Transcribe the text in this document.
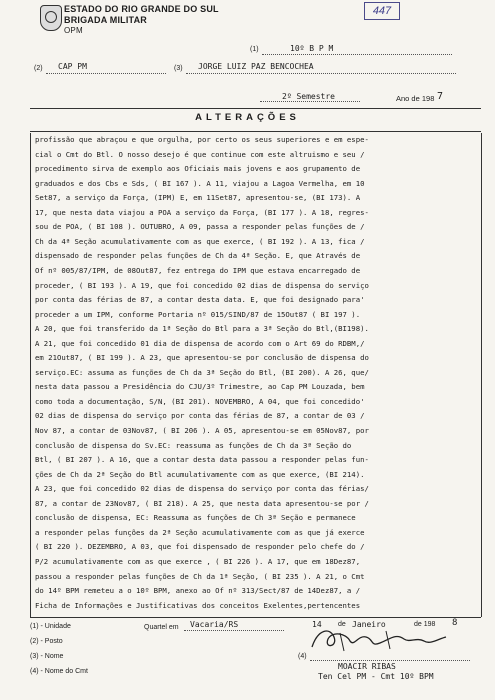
ESTADO DO RIO GRANDE DO SUL
BRIGADA MILITAR
OPM
447
(1)	10º B P M
(2) CAP PM	(3) JORGE LUIZ PAZ BENCOCHEA
2º Semestre	Ano de 198 7
ALTERAÇÕES
profissão que abraçou e que orgulha, por certo os seus superiores e em espe-
cial o Cmt do Btl. O nosso desejo é que continue com este altruismo e seu /
procedimento sirva de exemplo aos Oficiais mais jovens e aos grupamento de
graduados e dos Cbs e Sds, ( BI 167 ). A 11, viajou a Lagoa Vermelha, em 10
Set87, a serviço da Força, (IPM) E, em 11Set87, apresentou-se, (BI 173). A
17, que nesta data viajou a POA a serviço da Força, (BI 177 ). A 18, regres-
sou de POA, ( BI 108 ). OUTUBRO, A 09, passa a responder pelas funções de /
Ch da 4ª Seção acumulativamente com as que exerce, ( BI 192 ). A 13, fica /
dispensado de responder pelas funções de Ch da 4ª Seção. E, que Através de
Of nº 005/87/IPM, de 08Out87, fez entrega do IPM que estava encarregado de
proceder, ( BI 193 ). A 19, que foi concedido 02 dias de dispensa do serviço
por conta das férias de 87, a contar desta data. E, que foi designado para'
proceder a um IPM, conforme Portaria nº 015/SIND/87 de 15Out87 ( BI 197 ).
A 20, que foi transferido da 1ª Seção do Btl para a 3ª Seção do Btl,(BI198).
A 21, que foi concedido 01 dia de dispensa de acordo com o Art 69 do RDBM,/
em 21Out87, ( BI 199 ). A 23, que apresentou-se por conclusão de dispensa do
serviço.EC: assuma as funções de Ch da 3ª Seção do Btl, (BI 200). A 26, que/
nesta data passou a Presidência do CJU/3º Trimestre, ao Cap PM Louzada, bem
como toda a documentação, S/N, (BI 201). NOVEMBRO, A 04, que foi concedido'
02 dias de dispensa do serviço por conta das férias de 87, a contar de 03 /
Nov 87, a contar de 03Nov87, ( BI 206 ). A 05, apresentou-se em 05Nov87, por
conclusão de dispensa do Sv.EC: reassuma as funções de Ch da 3ª Seção do
Btl, ( BI 207 ). A 16, que a contar desta data passou a responder pelas fun-
ções de Ch da 2ª Seção do Btl acumulativamente com as que exerce, (BI 214).
A 23, que foi concedido 02 dias de dispensa do serviço por conta das férias/
87, a contar de 23Nov87, ( BI 218). A 25, que nesta data apresentou-se por /
conclusão de dispensa, EC: Reassuma as funções de Ch 3ª Seção e permanece
a responder pelas funções da 2ª Seção acumulativamente com as que já exerce
( BI 220 ). DEZEMBRO, A 03, que foi dispensado de responder pelo chefe do /
P/2 acumulativamente com as que exerce , ( BI 226 ). A 17, que em 18Dez87,
passou a responder pelas funções de Ch da 1ª Seção, ( BI 235 ). A 21, o Cmt
do 14º BPM remeteu a o 10º BPM, anexo ao Of nº 313/Sect/87 de 14Dez87, a /
Ficha de Informações e Justificativas dos conceitos Exelentes,pertencentes
(1) - Unidade
(2) - Posto
(3) - Nome
(4) - Nome do Cmt
Quartel em Vacaria/RS	14 de Janeiro	de 198 8
(4)
MOACIR RIBAS
Ten Cel PM - Cmt 10º BPM
